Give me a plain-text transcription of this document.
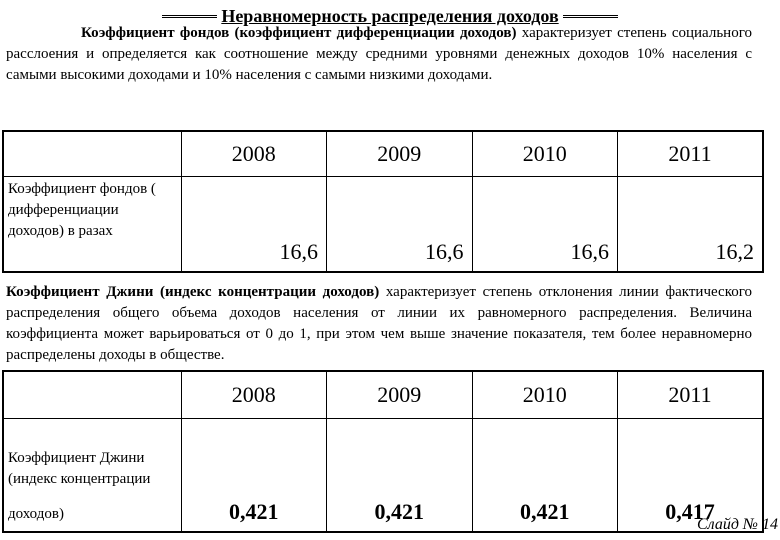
Неравномерность распределения доходов

Коэффициент фондов (коэффициент дифференциации доходов) характеризует степень социального расслоения и определяется как соотношение между средними уровнями денежных доходов 10% населения с самыми высокими доходами и 10% населения с самыми низкими доходами.

	2008	2009	2010	2011
Коэффициент фондов ( дифференциации доходов) в разах	16,6	16,6	16,6	16,2

Коэффициент Джини (индекс концентрации доходов) характеризует степень отклонения линии фактического распределения общего объема доходов населения от линии их равномерного распределения. Величина коэффициента может варьироваться от 0 до 1, при этом чем выше значение показателя, тем более неравномерно распределены доходы в обществе.

	2008	2009	2010	2011

Коэффициент Джини (индекс концентрации
доходов)	0,421	0,421	0,421	0,417
Слайд № 14
